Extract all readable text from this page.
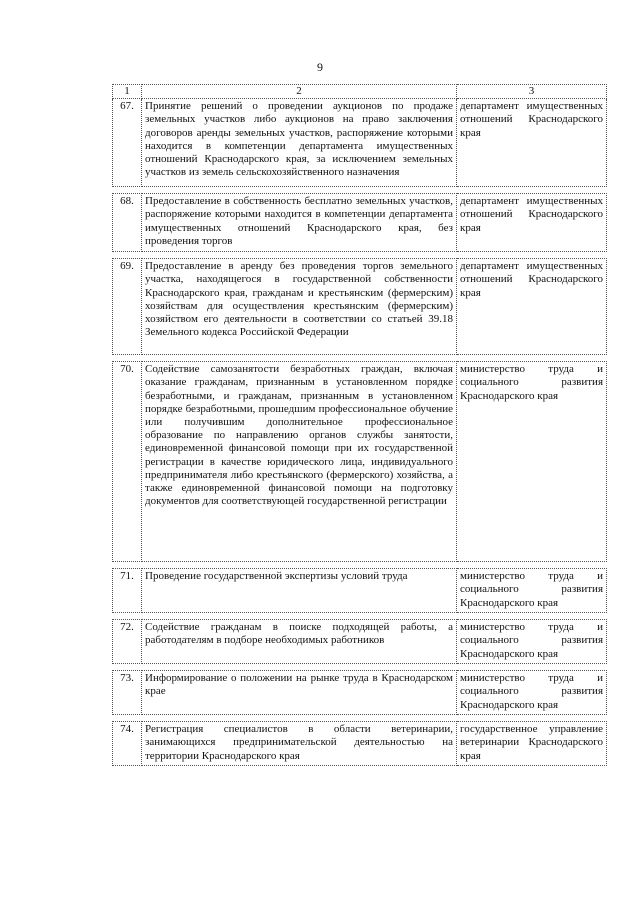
9
1	2	3
67.	Принятие решений о проведении аукционов по продаже земельных участков либо аукционов на право заключения договоров аренды земельных участков, распоряжение которыми находится в компетенции департамента имущественных отношений Краснодарского края, за исключением земельных участков из земель сельскохозяйственного назначения	департамент имущественных отношений Краснодарского края

68.	Предоставление в собственность бесплатно земельных участков, распоряжение которыми находится в компетенции департамента имущественных отношений Краснодарского края, без проведения торгов	департамент имущественных отношений Краснодарского края

69.	Предоставление в аренду без проведения торгов земельного участка, находящегося в государственной собственности Краснодарского края, гражданам и крестьянским (фермерским) хозяйствам для осуществления крестьянским (фермерским) хозяйством его деятельности в соответствии со статьей 39.18 Земельного кодекса Российской Федерации	департамент имущественных отношений Краснодарского края

70.	Содействие самозанятости безработных граждан, включая оказание гражданам, признанным в установленном порядке безработными, и гражданам, признанным в установленном порядке безработными, прошедшим профессиональное обучение или получившим дополнительное профессиональное образование по направлению органов службы занятости, единовременной финансовой помощи при их государственной регистрации в качестве юридического лица, индивидуального предпринимателя либо крестьянского (фермерского) хозяйства, а также единовременной финансовой помощи на подготовку документов для соответствующей государственной регистрации	министерство труда и социального развития Краснодарского края

71.	Проведение государственной экспертизы условий труда	министерство труда и социального развития Краснодарского края

72.	Содействие гражданам в поиске подходящей работы, а работодателям в подборе необходимых работников	министерство труда и социального развития Краснодарского края

73.	Информирование о положении на рынке труда в Краснодарском крае	министерство труда и социального развития Краснодарского края

74.	Регистрация специалистов в области ветеринарии, занимающихся предпринимательской деятельностью на территории Краснодарского края	государственное управление ветеринарии Краснодарского края
